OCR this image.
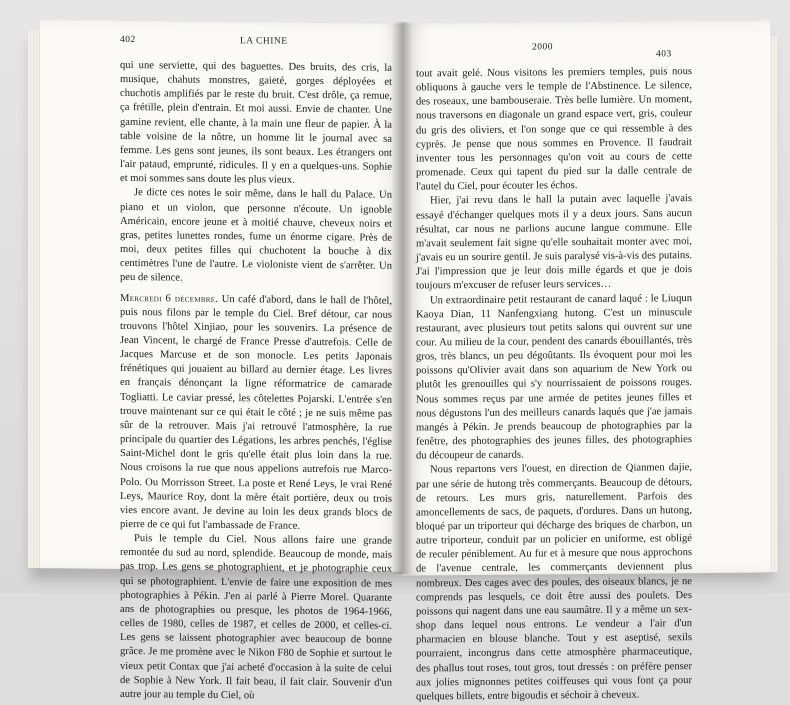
402	LA CHINE

qui une serviette, qui des baguettes. Des bruits, des cris, la musique, chahuts monstres, gaieté, gorges déployées et chuchotis amplifiés par le reste du bruit. C'est drôle, ça remue, ça frétille, plein d'entrain. Et moi aussi. Envie de chanter. Une gamine revient, elle chante, à la main une fleur de papier. À la table voisine de la nôtre, un homme lit le journal avec sa femme. Les gens sont jeunes, ils sont beaux. Les étrangers ont l'air pataud, emprunté, ridicules. Il y en a quelques-uns. Sophie et moi sommes sans doute les plus vieux.

Je dicte ces notes le soir même, dans le hall du Palace. Un piano et un violon, que personne n'écoute. Un ignoble Américain, encore jeune et à moitié chauve, cheveux noirs et gras, petites lunettes rondes, fume un énorme cigare. Près de moi, deux petites filles qui chuchotent la bouche à dix centimètres l'une de l'autre. Le violoniste vient de s'arrêter. Un peu de silence.

Mercredi 6 décembre. Un café d'abord, dans le hall de l'hôtel, puis nous filons par le temple du Ciel. Bref détour, car nous trouvons l'hôtel Xinjiao, pour les souvenirs. La présence de Jean Vincent, le chargé de France Presse d'autrefois. Celle de Jacques Marcuse et de son monocle. Les petits Japonais frénétiques qui jouaient au billard au dernier étage. Les livres en français dénonçant la ligne réformatrice de camarade Togliatti. Le caviar pressé, les côtelettes Pojarski. L'entrée s'en trouve maintenant sur ce qui était le côté ; je ne suis même pas sûr de la retrouver. Mais j'ai retrouvé l'atmosphère, la rue principale du quartier des Légations, les arbres penchés, l'église Saint-Michel dont le gris qu'elle était plus loin dans la rue. Nous croisons la rue que nous appelions autrefois rue Marco-Polo. Ou Morrisson Street. La poste et René Leys, le vrai René Leys, Maurice Roy, dont la mère était portière, deux ou trois vies encore avant. Je devine au loin les deux grands blocs de pierre de ce qui fut l'ambassade de France.

Puis le temple du Ciel. Nous allons faire une grande remontée du sud au nord, splendide. Beaucoup de monde, mais pas trop. Les gens se photographient, et je photographie ceux qui se photographient. L'envie de faire une exposition de mes photographies à Pékin. J'en ai parlé à Pierre Morel. Quarante ans de photographies ou presque, les photos de 1964-1966, celles de 1980, celles de 1987, et celles de 2000, et celles-ci. Les gens se laissent photographier avec beaucoup de bonne grâce. Je me promène avec le Nikon F80 de Sophie et surtout le vieux petit Contax que j'ai acheté d'occasion à la suite de celui de Sophie à New York. Il fait beau, il fait clair. Souvenir d'un autre jour au temple du Ciel, où

2000
403

tout avait gelé. Nous visitons les premiers temples, puis nous obliquons à gauche vers le temple de l'Abstinence. Le silence, des roseaux, une bambouseraie. Très belle lumière. Un moment, nous traversons en diagonale un grand espace vert, gris, couleur du gris des oliviers, et l'on songe que ce qui ressemble à des cyprès. Je pense que nous sommes en Provence. Il faudrait inventer tous les personnages qu'on voit au cours de cette promenade. Ceux qui tapent du pied sur la dalle centrale de l'autel du Ciel, pour écouter les échos.

Hier, j'ai revu dans le hall la putain avec laquelle j'avais essayé d'échanger quelques mots il y a deux jours. Sans aucun résultat, car nous ne parlions aucune langue commune. Elle m'avait seulement fait signe qu'elle souhaitait monter avec moi, j'avais eu un sourire gentil. Je suis paralysé vis-à-vis des putains. J'ai l'impression que je leur dois mille égards et que je dois toujours m'excuser de refuser leurs services…

Un extraordinaire petit restaurant de canard laqué : le Liuqun Kaoya Dian, 11 Nanfengxiang hutong. C'est un minuscule restaurant, avec plusieurs tout petits salons qui ouvrent sur une cour. Au milieu de la cour, pendent des canards ébouillantés, très gros, très blancs, un peu dégoûtants. Ils évoquent pour moi les poissons qu'Olivier avait dans son aquarium de New York ou plutôt les grenouilles qui s'y nourrissaient de poissons rouges. Nous sommes reçus par une armée de petites jeunes filles et nous dégustons l'un des meilleurs canards laqués que j'ae jamais mangés à Pékin. Je prends beaucoup de photographies par la fenêtre, des photographies des jeunes filles, des photographies du découpeur de canards.

Nous repartons vers l'ouest, en direction de Qianmen dajie, par une série de hutong très commerçants. Beaucoup de détours, de retours. Les murs gris, naturellement. Parfois des amoncellements de sacs, de paquets, d'ordures. Dans un hutong, bloqué par un triporteur qui décharge des briques de charbon, un autre triporteur, conduit par un policier en uniforme, est obligé de reculer péniblement. Au fur et à mesure que nous approchons de l'avenue centrale, les commerçants deviennent plus nombreux. Des cages avec des poules, des oiseaux blancs, je ne comprends pas lesquels, ce doit être aussi des poulets. Des poissons qui nagent dans une eau saumâtre. Il y a même un sex-shop dans lequel nous entrons. Le vendeur a l'air d'un pharmacien en blouse blanche. Tout y est aseptisé, sexils pourraient, incongrus dans cette atmosphère pharmaceutique, des phallus tout roses, tout gros, tout dressés : on préfère penser aux jolies mignonnes petites coiffeuses qui vous font ça pour quelques billets, entre bigoudis et séchoir à cheveux.
